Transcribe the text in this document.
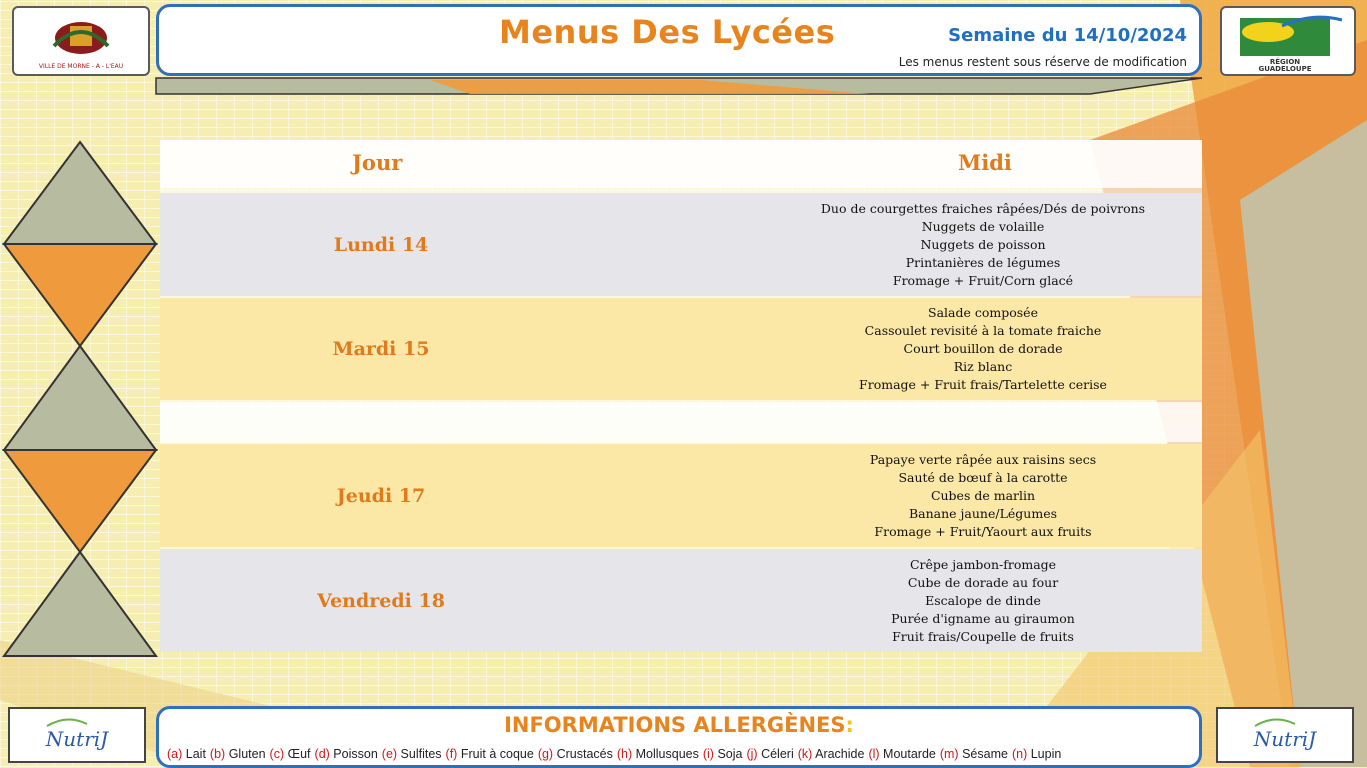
VILLE DE MORNE - A - L'EAU
Menus Des Lycées	Semaine du 14/10/2024
Les menus restent sous réserve de modification	RÉGION
GUADELOUPE
Jour	Midi
Lundi 14
Duo de courgettes fraiches râpées/Dés de poivrons
Nuggets de volaille
Nuggets de poisson
Printanières de légumes
Fromage + Fruit/Corn glacé
Mardi 15
Salade composée
Cassoulet revisité à la tomate fraiche
Court bouillon de dorade
Riz blanc
Fromage + Fruit frais/Tartelette cerise
Jeudi 17
Papaye verte râpée aux raisins secs
Sauté de bœuf à la carotte
Cubes de marlin
Banane jaune/Légumes
Fromage + Fruit/Yaourt aux fruits
Vendredi 18
Crêpe jambon-fromage
Cube de dorade au four
Escalope de dinde
Purée d'igname au giraumon
Fruit frais/Coupelle de fruits
NutriJ
INFORMATIONS ALLERGÈNES:
(a) Lait (b) Gluten (c) Œuf (d) Poisson (e) Sulfites (f) Fruit à coque (g) Crustacés (h) Mollusques (i) Soja (j) Céleri (k) Arachide (l) Moutarde (m) Sésame (n) Lupin
NutriJ
